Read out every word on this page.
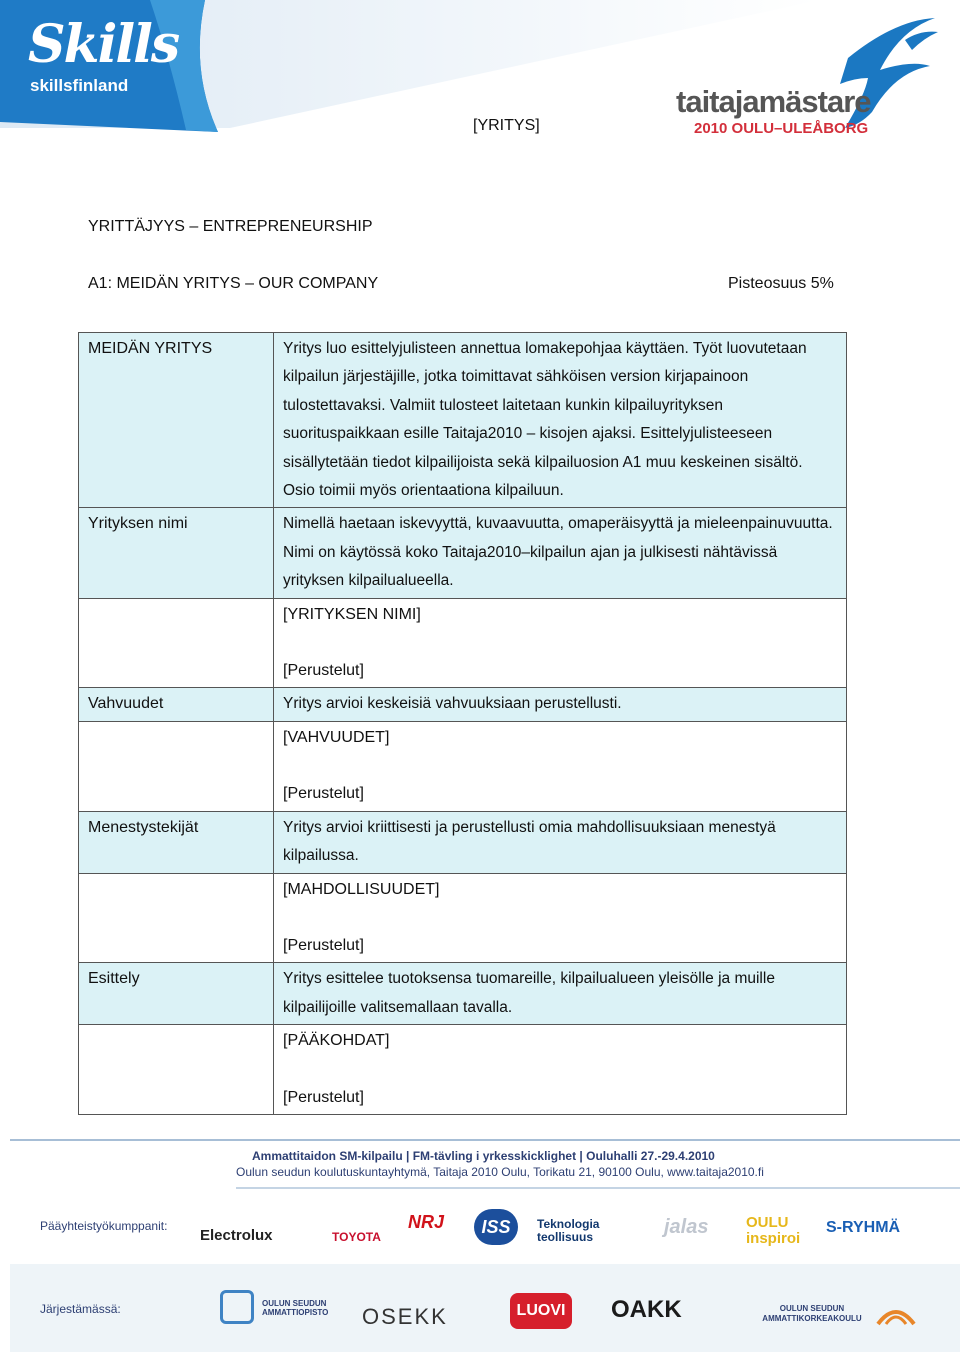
Skills
skillsfinland	taitajamästare
2010 OULU–ULEÅBORG
[YRITYS]
YRITTÄJYYS – ENTREPRENEURSHIP
A1: MEIDÄN YRITYS – OUR COMPANY	Pisteosuus 5%
MEIDÄN YRITYS	Yritys luo esittelyjulisteen annettua lomakepohjaa käyttäen. Työt luovutetaan kilpailun järjestäjille, jotka toimittavat sähköisen version kirjapainoon tulostettavaksi. Valmiit tulosteet laitetaan kunkin kilpailuyrityksen suorituspaikkaan esille Taitaja2010 – kisojen ajaksi. Esittelyjulisteeseen sisällytetään tiedot kilpailijoista sekä kilpailuosion A1 muu keskeinen sisältö. Osio toimii myös orientaationa kilpailuun.
Yrityksen nimi	Nimellä haetaan iskevyyttä, kuvaavuutta, omaperäisyyttä ja mieleenpainuvuutta. Nimi on käytössä koko Taitaja2010–kilpailun ajan ja julkisesti nähtävissä yrityksen kilpailualueella.

	[YRITYKSEN NIMI]
[Perustelut]

Vahvuudet	Yritys arvioi keskeisiä vahvuuksiaan perustellusti.

	[VAHVUUDET]
[Perustelut]

Menestystekijät	Yritys arvioi kriittisesti ja perustellusti omia mahdollisuuksiaan menestyä kilpailussa.

	[MAHDOLLISUUDET]
[Perustelut]

Esittely	Yritys esittelee tuotoksensa tuomareille, kilpailualueen yleisölle ja muille kilpailijoille valitsemallaan tavalla.

	[PÄÄKOHDAT]
[Perustelut]
Ammattitaidon SM-kilpailu | FM-tävling i yrkesskicklighet | Ouluhalli 27.-29.4.2010
Oulun seudun koulutuskuntayhtymä, Taitaja 2010 Oulu, Torikatu 21, 90100 Oulu, www.taitaja2010.fi
Pääyhteistyökumppanit:
Electrolux	TOYOTA
NRJ	ISS	Teknologia teollisuus	jalas	OULU inspiroi
S-RYHMÄ
Järjestämässä:	OULUN SEUDUN AMMATTIOPISTO	OSEKK	LUOVI OAKK	OULUN SEUDUN AMMATTIKORKEAKOULU
